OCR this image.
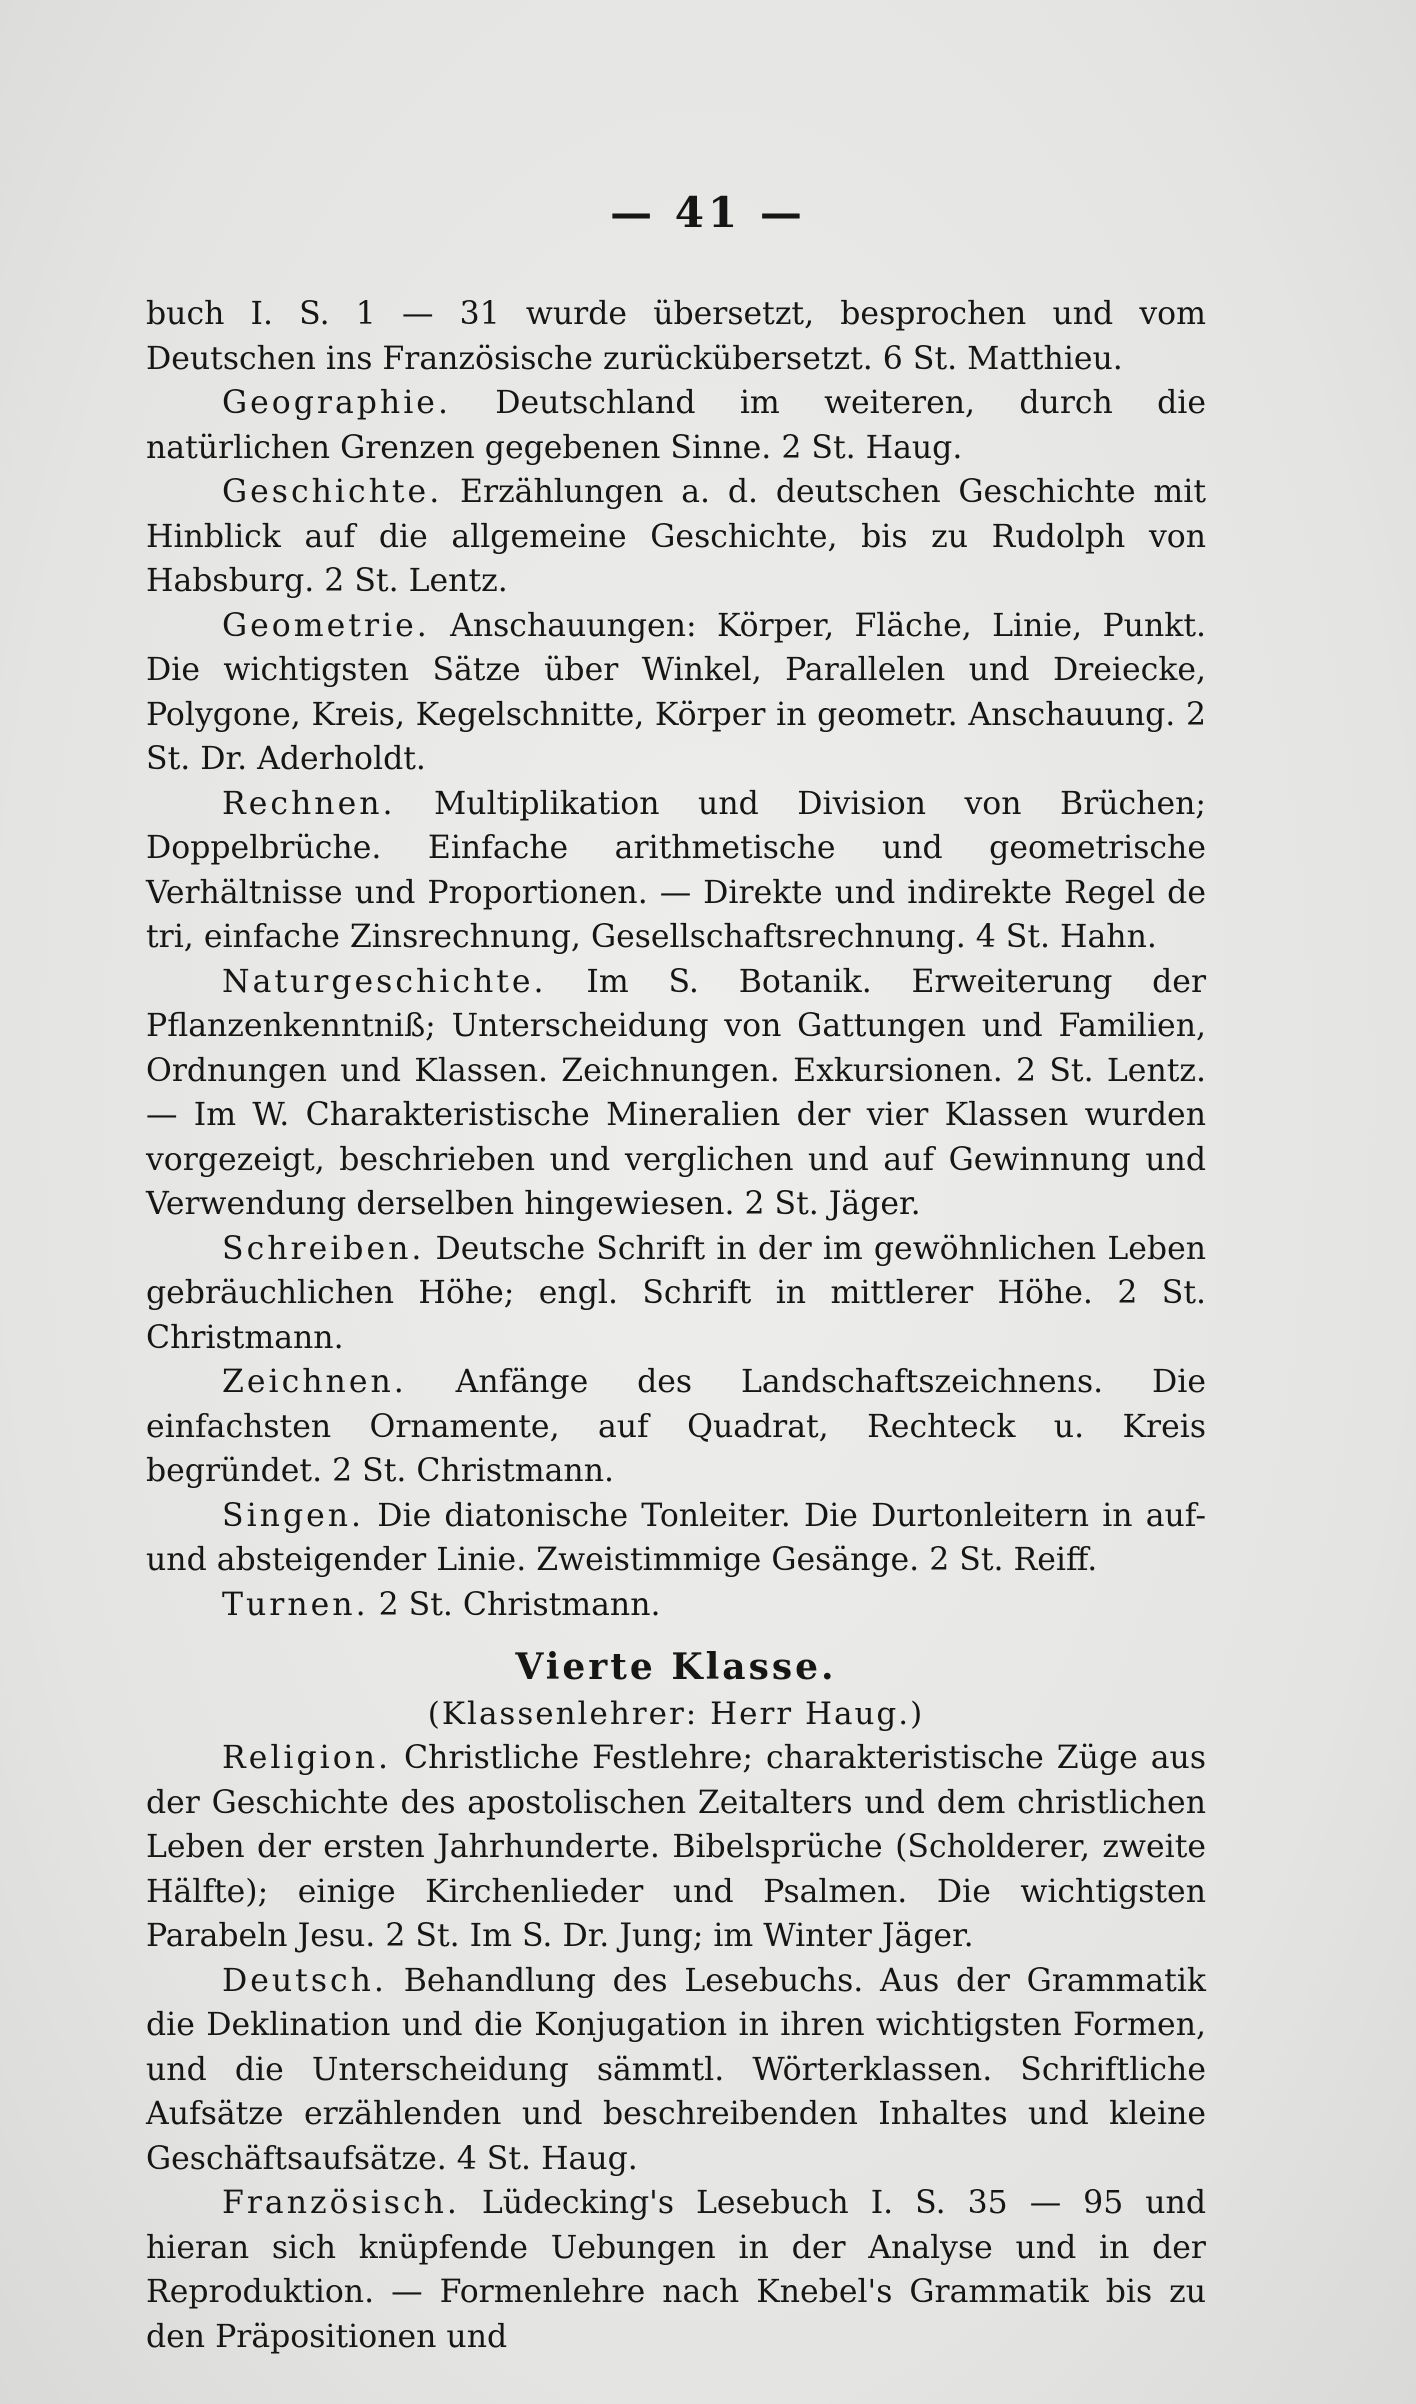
— 41 —

buch I. S. 1 — 31 wurde übersetzt, besprochen und vom Deutschen ins Französische zurückübersetzt. 6 St. Matthieu.

Geographie. Deutschland im weiteren, durch die natürlichen Grenzen gegebenen Sinne. 2 St. Haug.

Geschichte. Erzählungen a. d. deutschen Geschichte mit Hinblick auf die allgemeine Geschichte, bis zu Rudolph von Habsburg. 2 St. Lentz.

Geometrie. Anschauungen: Körper, Fläche, Linie, Punkt. Die wichtigsten Sätze über Winkel, Parallelen und Dreiecke, Polygone, Kreis, Kegelschnitte, Körper in geometr. Anschauung. 2 St. Dr. Aderholdt.

Rechnen. Multiplikation und Division von Brüchen; Doppelbrüche. Einfache arithmetische und geometrische Verhältnisse und Proportionen. — Direkte und indirekte Regel de tri, einfache Zinsrechnung, Gesellschaftsrechnung. 4 St. Hahn.

Naturgeschichte. Im S. Botanik. Erweiterung der Pflanzenkenntniß; Unterscheidung von Gattungen und Familien, Ordnungen und Klassen. Zeichnungen. Exkursionen. 2 St. Lentz. — Im W. Charakteristische Mineralien der vier Klassen wurden vorgezeigt, beschrieben und verglichen und auf Gewinnung und Verwendung derselben hingewiesen. 2 St. Jäger.

Schreiben. Deutsche Schrift in der im gewöhnlichen Leben gebräuchlichen Höhe; engl. Schrift in mittlerer Höhe. 2 St. Christmann.

Zeichnen. Anfänge des Landschaftszeichnens. Die einfachsten Ornamente, auf Quadrat, Rechteck u. Kreis begründet. 2 St. Christmann.

Singen. Die diatonische Tonleiter. Die Durtonleitern in auf- und absteigender Linie. Zweistimmige Gesänge. 2 St. Reiff.

Turnen. 2 St. Christmann.

Vierte Klasse.
(Klassenlehrer: Herr Haug.)

Religion. Christliche Festlehre; charakteristische Züge aus der Geschichte des apostolischen Zeitalters und dem christlichen Leben der ersten Jahrhunderte. Bibelsprüche (Scholderer, zweite Hälfte); einige Kirchenlieder und Psalmen. Die wichtigsten Parabeln Jesu. 2 St. Im S. Dr. Jung; im Winter Jäger.

Deutsch. Behandlung des Lesebuchs. Aus der Grammatik die Deklination und die Konjugation in ihren wichtigsten Formen, und die Unterscheidung sämmtl. Wörterklassen. Schriftliche Aufsätze erzählenden und beschreibenden Inhaltes und kleine Geschäftsaufsätze. 4 St. Haug.

Französisch. Lüdecking's Lesebuch I. S. 35 — 95 und hieran sich knüpfende Uebungen in der Analyse und in der Reproduktion. — Formenlehre nach Knebel's Grammatik bis zu den Präpositionen und
